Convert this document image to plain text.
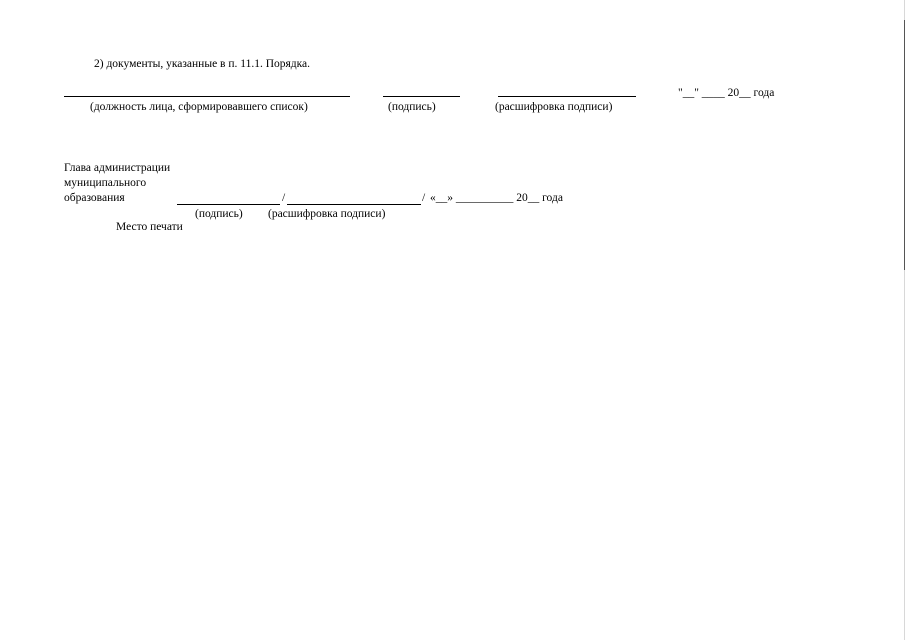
2) документы, указанные в п. 11.1. Порядка.
"__" ____ 20__ года
(должность лица, сформировавшего список)	(подпись)	(расшифровка подписи)
Глава администрации
муниципального
образования	/	/ «__» __________ 20__ года
(подпись) (расшифровка подписи)
Место печати
